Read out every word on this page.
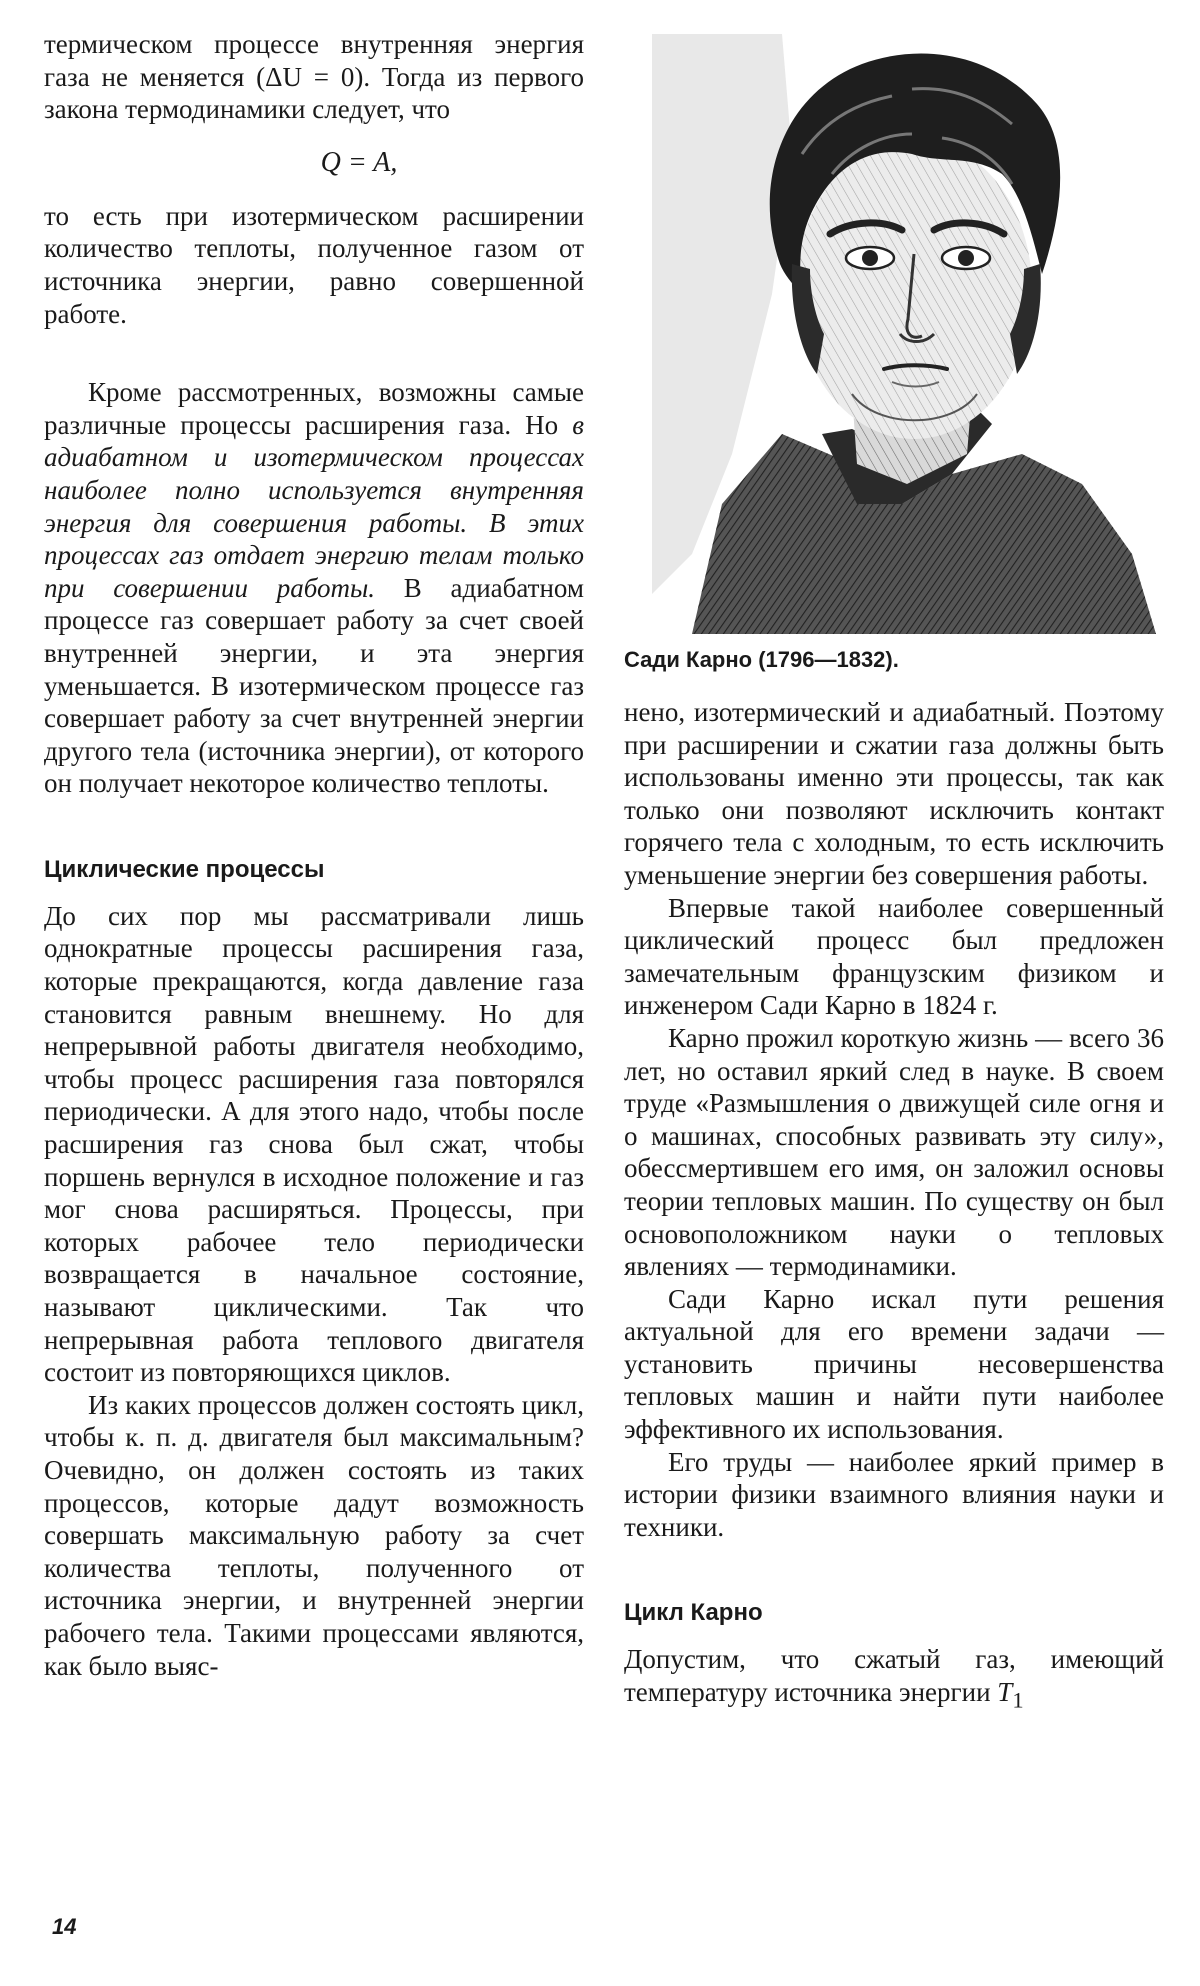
термическом процессе внутренняя энергия газа не меняется (ΔU = 0). Тогда из первого закона термодинамики следует, что

Q = A,

то есть при изотермическом расширении количество теплоты, полученное газом от источника энергии, равно совершенной работе.

Кроме рассмотренных, возможны самые различные процессы расширения газа. Но в адиабатном и изотермическом процессах наиболее полно используется внутренняя энергия для совершения работы. В этих процессах газ отдает энергию телам только при совершении работы. В адиабатном процессе газ совершает работу за счет своей внутренней энергии, и эта энергия уменьшается. В изотермическом процессе газ совершает работу за счет внутренней энергии другого тела (источника энергии), от которого он получает некоторое количество теплоты.

Циклические процессы

До сих пор мы рассматривали лишь однократные процессы расширения газа, которые прекращаются, когда давление газа становится равным внешнему. Но для непрерывной работы двигателя необходимо, чтобы процесс расширения газа повторялся периодически. А для этого надо, чтобы после расширения газ снова был сжат, чтобы поршень вернулся в исходное положение и газ мог снова расширяться. Процессы, при которых рабочее тело периодически возвращается в начальное состояние, называют циклическими. Так что непрерывная работа теплового двигателя состоит из повторяющихся циклов.

Из каких процессов должен состоять цикл, чтобы к. п. д. двигателя был максимальным? Очевидно, он должен состоять из таких процессов, которые дадут возможность совершать максимальную работу за счет количества теплоты, полученного от источника энергии, и внутренней энергии рабочего тела. Такими процессами являются, как было выяс-

Сади Карно (1796—1832).

нено, изотермический и адиабатный. Поэтому при расширении и сжатии газа должны быть использованы именно эти процессы, так как только они позволяют исключить контакт горячего тела с холодным, то есть исключить уменьшение энергии без совершения работы.

Впервые такой наиболее совершенный циклический процесс был предложен замечательным французским физиком и инженером Сади Карно в 1824 г.

Карно прожил короткую жизнь — всего 36 лет, но оставил яркий след в науке. В своем труде «Размышления о движущей силе огня и о машинах, способных развивать эту силу», обессмертившем его имя, он заложил основы теории тепловых машин. По существу он был основоположником науки о тепловых явлениях — термодинамики.

Сади Карно искал пути решения актуальной для его времени задачи — установить причины несовершенства тепловых машин и найти пути наиболее эффективного их использования.

Его труды — наиболее яркий пример в истории физики взаимного влияния науки и техники.

Цикл Карно

Допустим, что сжатый газ, имеющий температуру источника энергии $T_1$

14
